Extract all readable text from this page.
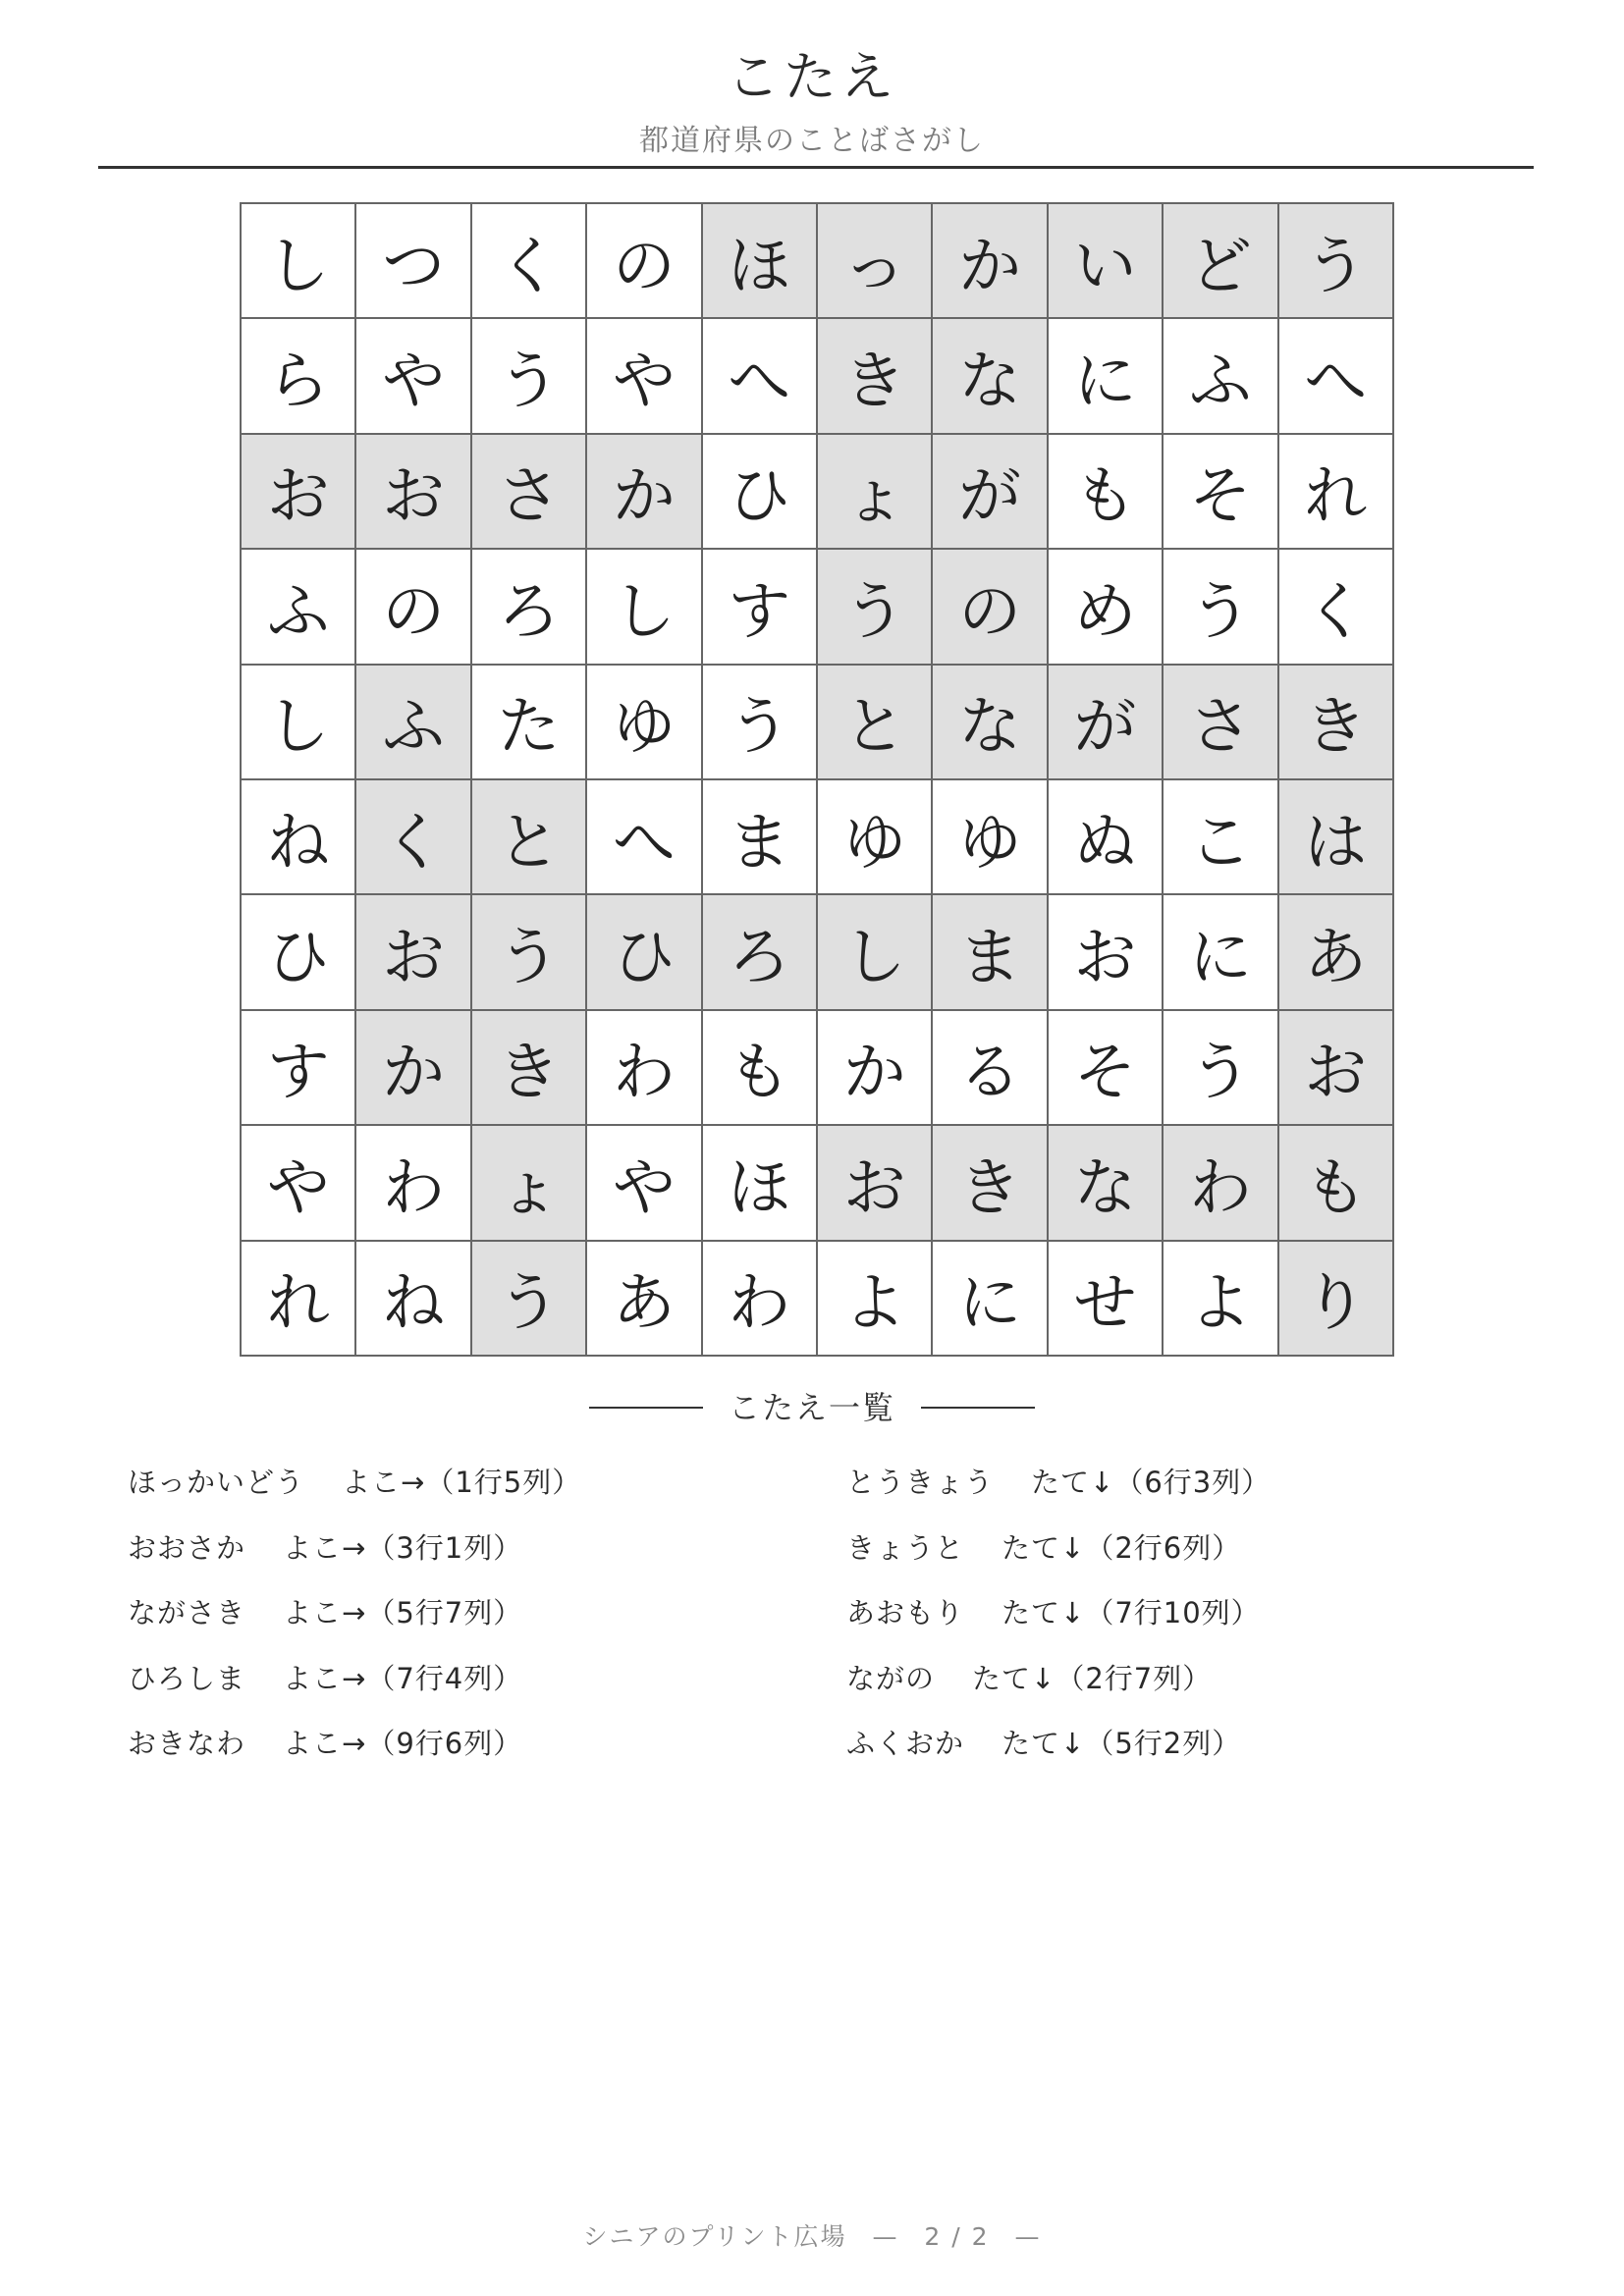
こたえ
都道府県のことばさがし
し つ く の ほ っ か い ど う
ら や う や へ き な に ふ へ
お お さ か ひ ょ が も そ れ
ふ の ろ し す う の め う く
し ふ た ゆ う と な が さ き
ね く と へ ま ゆ ゆ ぬ こ は
ひ お う ひ ろ し ま お に あ
す か き わ も か る そ う お
や わ ょ や ほ お き な わ も
れ ね う あ わ よ に せ よ り
こたえ一覧
ほっかいどう よこ→（1行5列）
おおさか よこ→（3行1列）
ながさき よこ→（5行7列）
ひろしま よこ→（7行4列）
おきなわ よこ→（9行6列）
とうきょう たて↓（6行3列）
きょうと たて↓（2行6列）
あおもり たて↓（7行10列）
ながの たて↓（2行7列）
ふくおか たて↓（5行2列）
シニアのプリント広場 — 2 / 2 —
